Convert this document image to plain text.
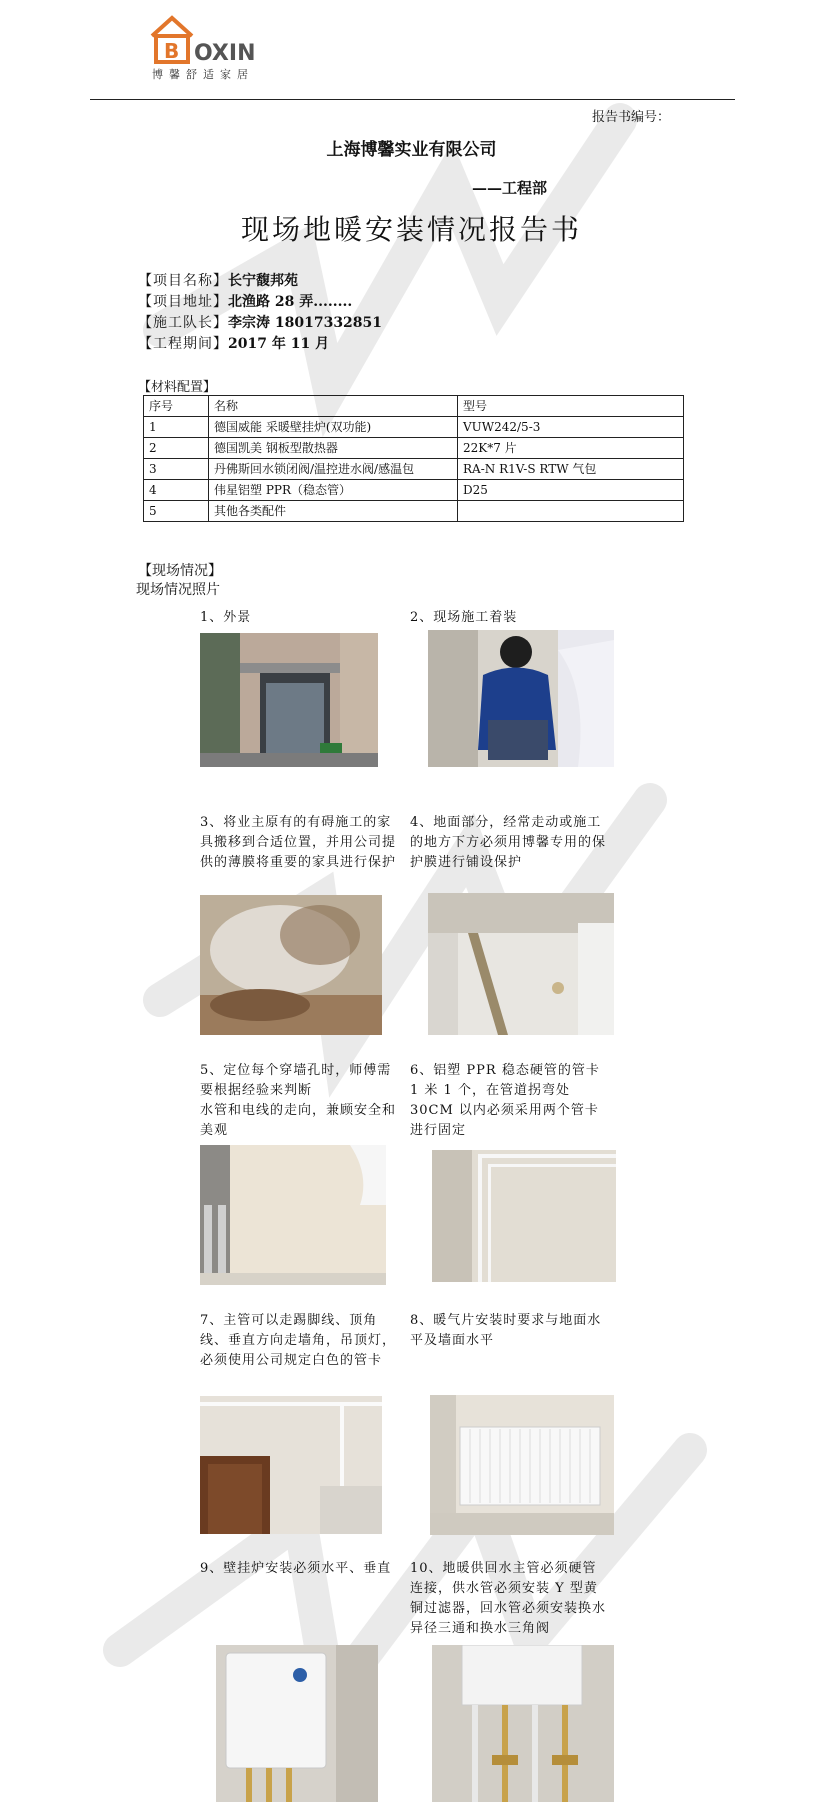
B OXIN
博馨舒适家居
报告书编号：
上海博馨实业有限公司
——工程部
现场地暖安装情况报告书
【项目名称】长宁馥邦苑
【项目地址】北渔路 28 弄........
【施工队长】李宗涛 18017332851
【工程期间】2017 年 11 月
【材料配置】
序号	名称	型号
1	德国威能 采暖壁挂炉(双功能)	VUW242/5-3
2	德国凯美 钢板型散热器	22K*7 片
3	丹佛斯回水锁闭阀/温控进水阀/感温包	RA-N R1V-S RTW 气包
4	伟星铝塑 PPR（稳态管）	D25
5	其他各类配件	
【现场情况】
现场情况照片
1、外景	2、现场施工着装
3、将业主原有的有碍施工的家具搬移到合适位置，并用公司提供的薄膜将重要的家具进行保护
4、地面部分，经常走动或施工的地方下方必须用博馨专用的保护膜进行铺设保护
5、定位每个穿墙孔时，师傅需要根据经验来判断
水管和电线的走向，兼顾安全和美观
6、铝塑 PPR 稳态硬管的管卡 1 米 1 个，在管道拐弯处 30CM 以内必须采用两个管卡进行固定
7、主管可以走踢脚线、顶角线、垂直方向走墙角，吊顶灯，必须使用公司规定白色的管卡
8、暖气片安装时要求与地面水平及墙面水平
9、壁挂炉安装必须水平、垂直	10、地暖供回水主管必须硬管连接，供水管必须安装 Y 型黄铜过滤器，回水管必须安装换水异径三通和换水三角阀
